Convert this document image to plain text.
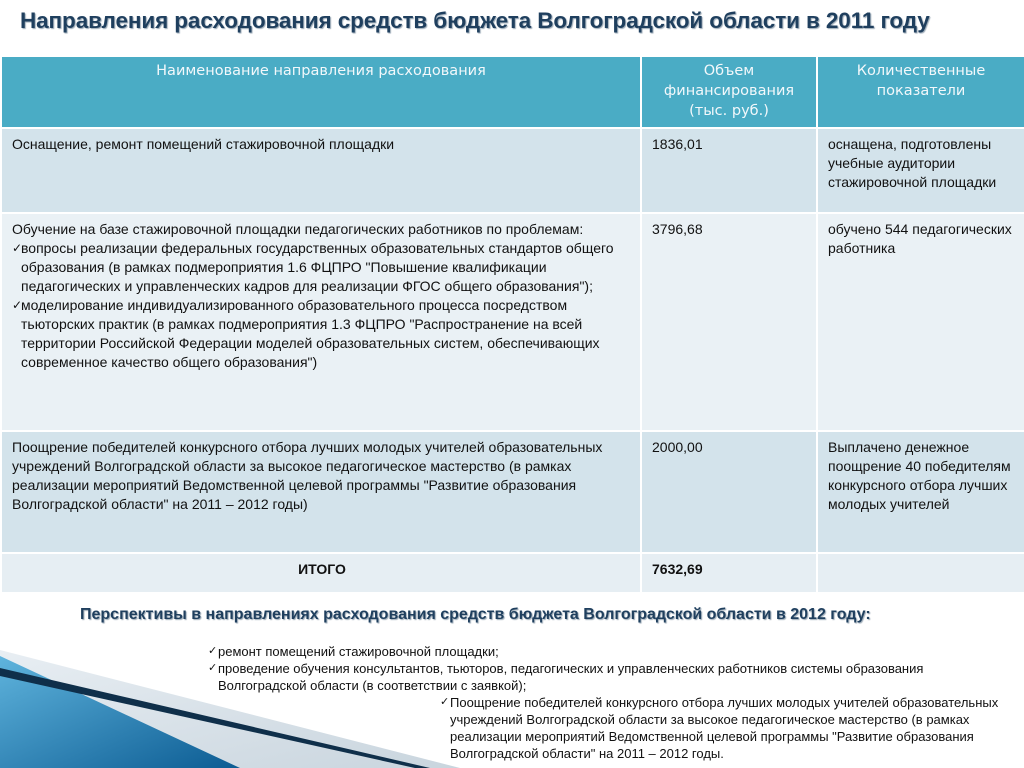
Направления расходования средств бюджета Волгоградской области в 2011 году
Наименование направления расходования	Объем финансирования (тыс. руб.)	Количественные показатели
Оснащение, ремонт помещений стажировочной площадки	1836,01	оснащена, подготовлены учебные аудитории стажировочной площадки

Обучение на базе стажировочной площадки педагогических работников по проблемам:
✓
вопросы реализации федеральных государственных образовательных стандартов общего образования (в рамках подмероприятия 1.6 ФЦПРО "Повышение квалификации педагогических и управленческих кадров для реализации ФГОС общего образования");
✓
моделирование индивидуализированного образовательного процесса посредством тьюторских практик (в рамках подмероприятия 1.3 ФЦПРО "Распространение на всей территории Российской Федерации моделей образовательных систем, обеспечивающих современное качество общего образования")	3796,68	обучено 544 педагогических работника
Поощрение победителей конкурсного отбора лучших молодых учителей образовательных учреждений Волгоградской области за высокое педагогическое мастерство (в рамках реализации мероприятий Ведомственной целевой программы "Развитие образования Волгоградской области" на 2011 – 2012 годы)	2000,00	Выплачено денежное поощрение 40 победителям конкурсного отбора лучших молодых учителей
ИТОГО	7632,69	
Перспективы в направлениях расходования средств бюджета Волгоградской области в 2012 году:
✓ ремонт помещений стажировочной площадки;
✓ проведение обучения консультантов, тьюторов, педагогических и управленческих работников системы образования Волгоградской области (в соответствии с заявкой);
✓ Поощрение победителей конкурсного отбора лучших молодых учителей образовательных учреждений Волгоградской области за высокое педагогическое мастерство (в рамках реализации мероприятий Ведомственной целевой программы "Развитие образования Волгоградской области" на 2011 – 2012 годы.
